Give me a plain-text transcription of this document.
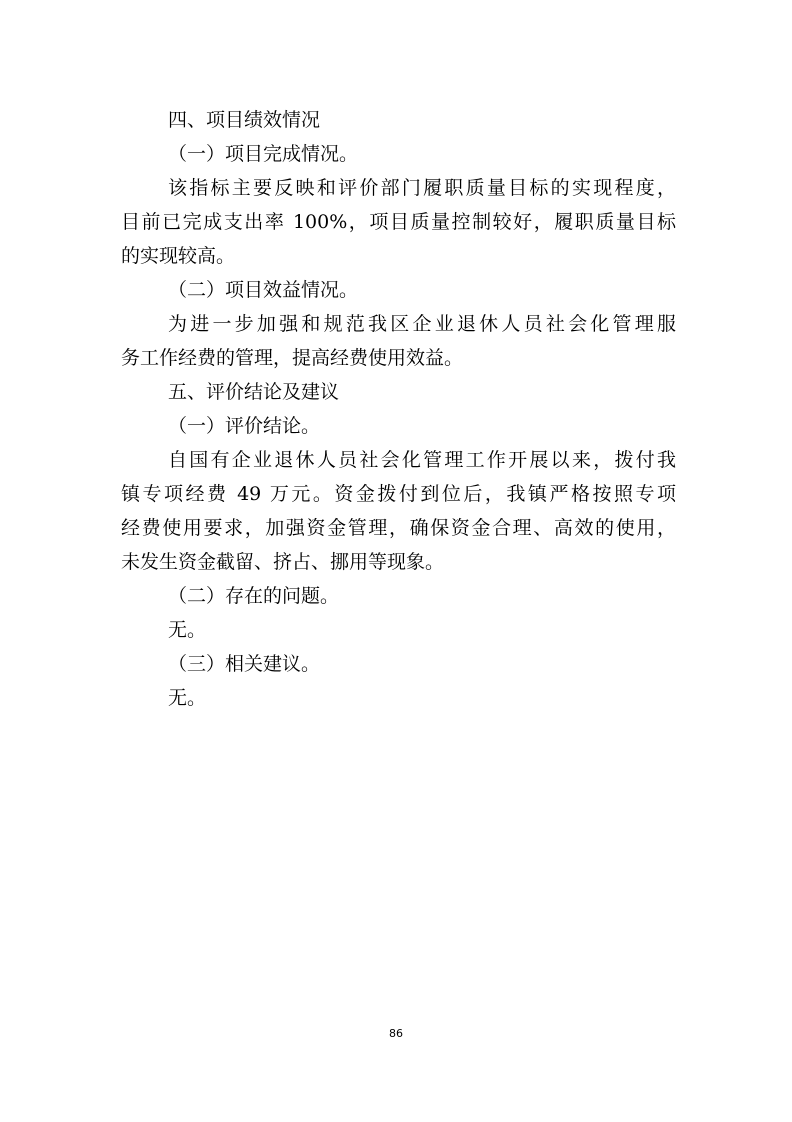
四、项目绩效情况

（一）项目完成情况。

该指标主要反映和评价部门履职质量目标的实现程度，

目前已完成支出率 100%，项目质量控制较好，履职质量目标

的实现较高。

（二）项目效益情况。

为进一步加强和规范我区企业退休人员社会化管理服

务工作经费的管理，提高经费使用效益。

五、评价结论及建议

（一）评价结论。

自国有企业退休人员社会化管理工作开展以来，拨付我

镇专项经费 49 万元。资金拨付到位后，我镇严格按照专项

经费使用要求，加强资金管理，确保资金合理、高效的使用，

未发生资金截留、挤占、挪用等现象。

（二）存在的问题。

无。

（三）相关建议。

无。

86
